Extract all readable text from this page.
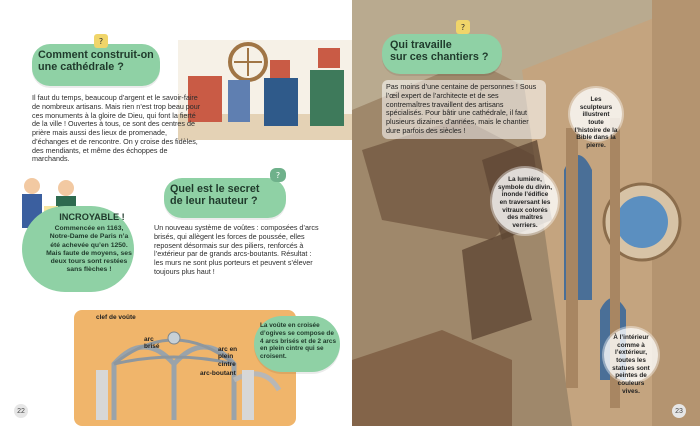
?
Comment construit-on
une cathédrale ?
Il faut du temps, beaucoup d’argent et le savoir-faire de nombreux artisans. Mais rien n’est trop beau pour ces monuments à la gloire de Dieu, qui font la fierté de la ville ! Ouvertes à tous, ce sont des centres de prière mais aussi des lieux de promenade, d’échanges et de rencontre. On y croise des fidèles, des mendiants, et même des échoppes de marchands.
INCROYABLE !
Commencée en 1163, Notre-Dame de Paris n’a été achevée qu’en 1250. Mais faute de moyens, ses deux tours sont restées sans flèches !
?
Quel est le secret
de leur hauteur ?
Un nouveau système de voûtes : composées d’arcs brisés, qui allègent les forces de poussée, elles reposent désormais sur des piliers, renforcés à l’extérieur par de grands arcs-boutants. Résultat : les murs ne sont plus porteurs et peuvent s’élever toujours plus haut !
clef de voûte
arc
brisé	arc en
plein
cintre
arc-boutant
La voûte en croisée d’ogives se compose de 4 arcs brisés et de 2 arcs en plein cintre qui se croisent.
22
?
Qui travaille
sur ces chantiers ?
Pas moins d’une centaine de personnes ! Sous l’œil expert de l’architecte et de ses contremaîtres travaillent des artisans spécialisés. Pour bâtir une cathédrale, il faut plusieurs dizaines d’années, mais le chantier dure parfois des siècles !
Les sculpteurs illustrent toute l’histoire de la Bible dans la pierre.
La lumière, symbole du divin, inonde l’édifice en traversant les vitraux colorés des maîtres verriers.
À l’intérieur comme à l’extérieur, toutes les statues sont peintes de couleurs vives.
23
